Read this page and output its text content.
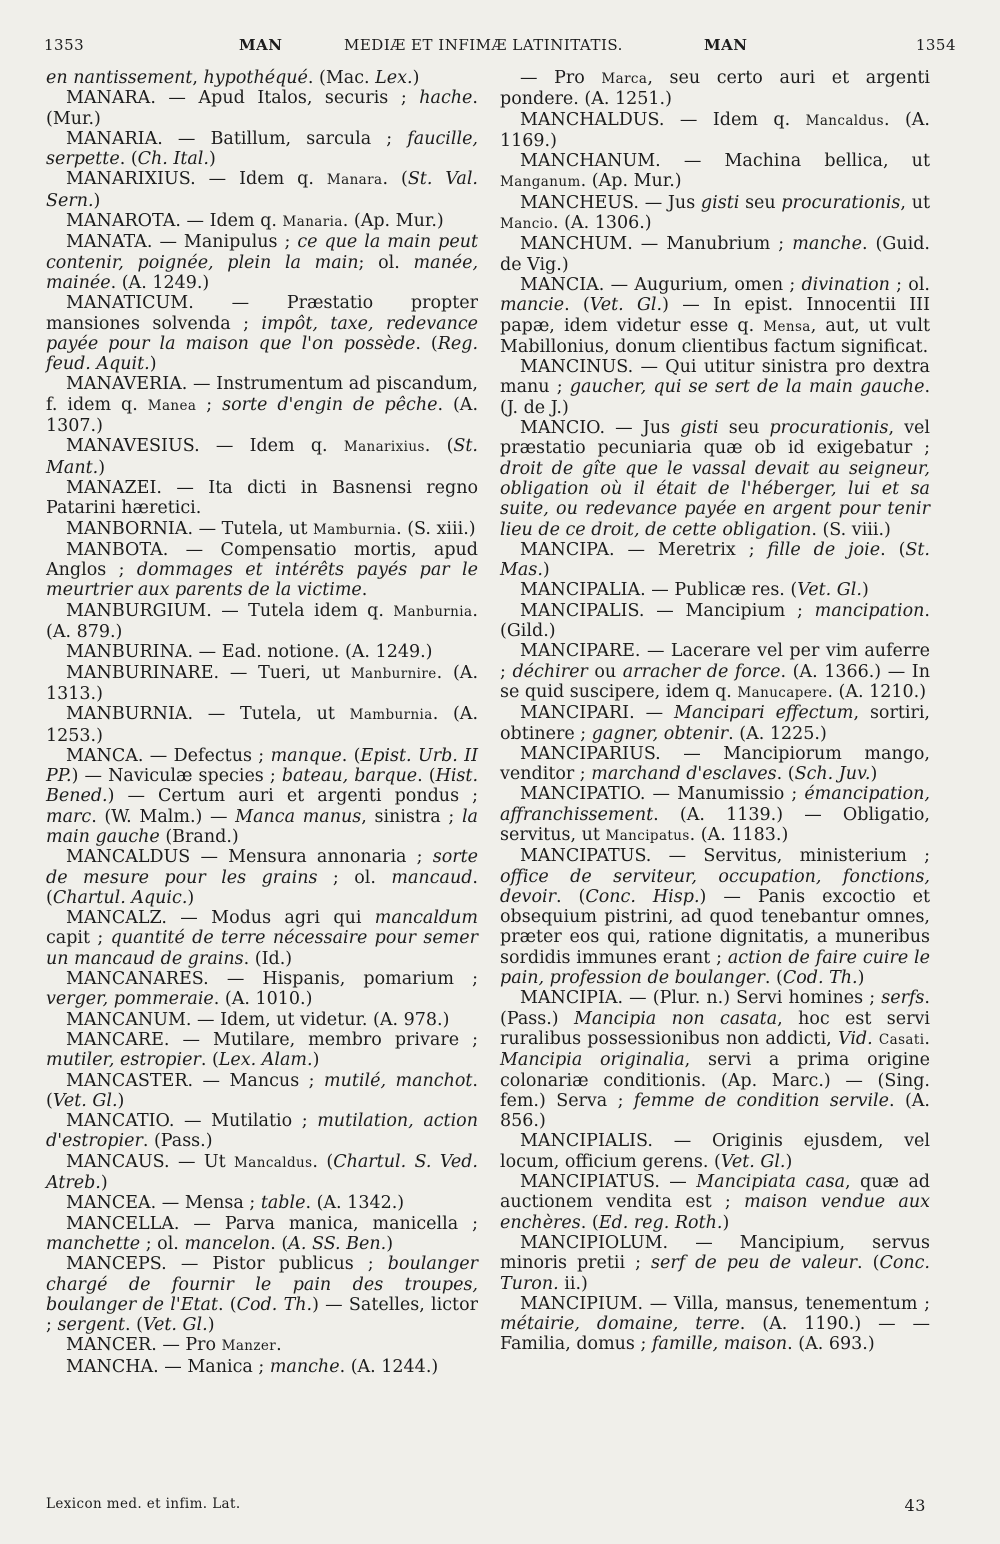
1353	MAN	MEDIÆ ET INFIMÆ LATINITATIS.	MAN	1354

en nantissement, hypothéqué. (Mac. Lex.)

MANARA. — Apud Italos, securis ; hache. (Mur.)

MANARIA. — Batillum, sarcula ; faucille, serpette. (Ch. Ital.)

MANARIXIUS. — Idem q. Manara. (St. Val. Sern.)

MANAROTA. — Idem q. Manaria. (Ap. Mur.)

MANATA. — Manipulus ; ce que la main peut contenir, poignée, plein la main; ol. manée, mainée. (A. 1249.)

MANATICUM. — Præstatio propter mansiones solvenda ; impôt, taxe, redevance payée pour la maison que l'on possède. (Reg. feud. Aquit.)

MANAVERIA. — Instrumentum ad piscandum, f. idem q. Manea ; sorte d'engin de pêche. (A. 1307.)

MANAVESIUS. — Idem q. Manarixius. (St. Mant.)

MANAZEI. — Ita dicti in Basnensi regno Patarini hæretici.

MANBORNIA. — Tutela, ut Mamburnia. (S. xiii.)

MANBOTA. — Compensatio mortis, apud Anglos ; dommages et intérêts payés par le meurtrier aux parents de la victime.

MANBURGIUM. — Tutela idem q. Manburnia. (A. 879.)

MANBURINA. — Ead. notione. (A. 1249.)

MANBURINARE. — Tueri, ut Manburnire. (A. 1313.)

MANBURNIA. — Tutela, ut Mamburnia. (A. 1253.)

MANCA. — Defectus ; manque. (Epist. Urb. II PP.) — Naviculæ species ; bateau, barque. (Hist. Bened.) — Certum auri et argenti pondus ; marc. (W. Malm.) — Manca manus, sinistra ; la main gauche (Brand.)

MANCALDUS — Mensura annonaria ; sorte de mesure pour les grains ; ol. mancaud. (Chartul. Aquic.)

MANCALZ. — Modus agri qui mancaldum capit ; quantité de terre nécessaire pour semer un mancaud de grains. (Id.)

MANCANARES. — Hispanis, pomarium ; verger, pommeraie. (A. 1010.)

MANCANUM. — Idem, ut videtur. (A. 978.)

MANCARE. — Mutilare, membro privare ; mutiler, estropier. (Lex. Alam.)

MANCASTER. — Mancus ; mutilé, manchot. (Vet. Gl.)

MANCATIO. — Mutilatio ; mutilation, action d'estropier. (Pass.)

MANCAUS. — Ut Mancaldus. (Chartul. S. Ved. Atreb.)

MANCEA. — Mensa ; table. (A. 1342.)

MANCELLA. — Parva manica, manicella ; manchette ; ol. mancelon. (A. SS. Ben.)

MANCEPS. — Pistor publicus ; boulanger chargé de fournir le pain des troupes, boulanger de l'Etat. (Cod. Th.) — Satelles, lictor ; sergent. (Vet. Gl.)

MANCER. — Pro Manzer.

MANCHA. — Manica ; manche. (A. 1244.)

— Pro Marca, seu certo auri et argenti pondere. (A. 1251.)

MANCHALDUS. — Idem q. Mancaldus. (A. 1169.)

MANCHANUM. — Machina bellica, ut Manganum. (Ap. Mur.)

MANCHEUS. — Jus gisti seu procurationis, ut Mancio. (A. 1306.)

MANCHUM. — Manubrium ; manche. (Guid. de Vig.)

MANCIA. — Augurium, omen ; divination ; ol. mancie. (Vet. Gl.) — In epist. Innocentii III papæ, idem videtur esse q. Mensa, aut, ut vult Mabillonius, donum clientibus factum significat.

MANCINUS. — Qui utitur sinistra pro dextra manu ; gaucher, qui se sert de la main gauche. (J. de J.)

MANCIO. — Jus gisti seu procurationis, vel præstatio pecuniaria quæ ob id exigebatur ; droit de gîte que le vassal devait au seigneur, obligation où il était de l'héberger, lui et sa suite, ou redevance payée en argent pour tenir lieu de ce droit, de cette obligation. (S. viii.)

MANCIPA. — Meretrix ; fille de joie. (St. Mas.)

MANCIPALIA. — Publicæ res. (Vet. Gl.)

MANCIPALIS. — Mancipium ; mancipation. (Gild.)

MANCIPARE. — Lacerare vel per vim auferre ; déchirer ou arracher de force. (A. 1366.) — In se quid suscipere, idem q. Manucapere. (A. 1210.)

MANCIPARI. — Mancipari effectum, sortiri, obtinere ; gagner, obtenir. (A. 1225.)

MANCIPARIUS. — Mancipiorum mango, venditor ; marchand d'esclaves. (Sch. Juv.)

MANCIPATIO. — Manumissio ; émancipation, affranchissement. (A. 1139.) — Obligatio, servitus, ut Mancipatus. (A. 1183.)

MANCIPATUS. — Servitus, ministerium ; office de serviteur, occupation, fonctions, devoir. (Conc. Hisp.) — Panis excoctio et obsequium pistrini, ad quod tenebantur omnes, præter eos qui, ratione dignitatis, a muneribus sordidis immunes erant ; action de faire cuire le pain, profession de boulanger. (Cod. Th.)

MANCIPIA. — (Plur. n.) Servi homines ; serfs. (Pass.) Mancipia non casata, hoc est servi ruralibus possessionibus non addicti, Vid. Casati. Mancipia originalia, servi a prima origine colonariæ conditionis. (Ap. Marc.) — (Sing. fem.) Serva ; femme de condition servile. (A. 856.)

MANCIPIALIS. — Originis ejusdem, vel locum, officium gerens. (Vet. Gl.)

MANCIPIATUS. — Mancipiata casa, quæ ad auctionem vendita est ; maison vendue aux enchères. (Ed. reg. Roth.)

MANCIPIOLUM. — Mancipium, servus minoris pretii ; serf de peu de valeur. (Conc. Turon. ii.)

MANCIPIUM. — Villa, mansus, tenementum ; métairie, domaine, terre. (A. 1190.) — — Familia, domus ; famille, maison. (A. 693.)

Lexicon med. et infim. Lat.	43
